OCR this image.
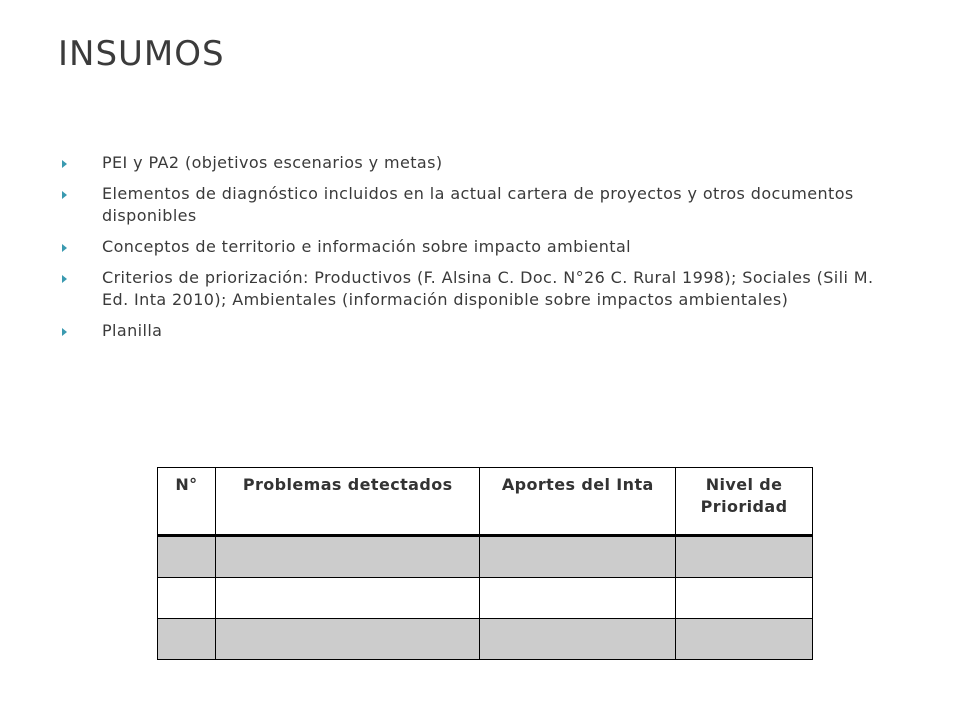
INSUMOS
PEI y PA2 (objetivos escenarios y metas)
Elementos de diagnóstico incluidos en la actual cartera de proyectos y otros documentos disponibles
Conceptos de territorio e información sobre impacto ambiental
Criterios de priorización: Productivos (F. Alsina C. Doc. N°26 C. Rural 1998); Sociales (Sili M. Ed. Inta 2010); Ambientales (información disponible sobre impactos ambientales)
Planilla
N°	Problemas detectados	Aportes del Inta	Nivel de Prioridad
